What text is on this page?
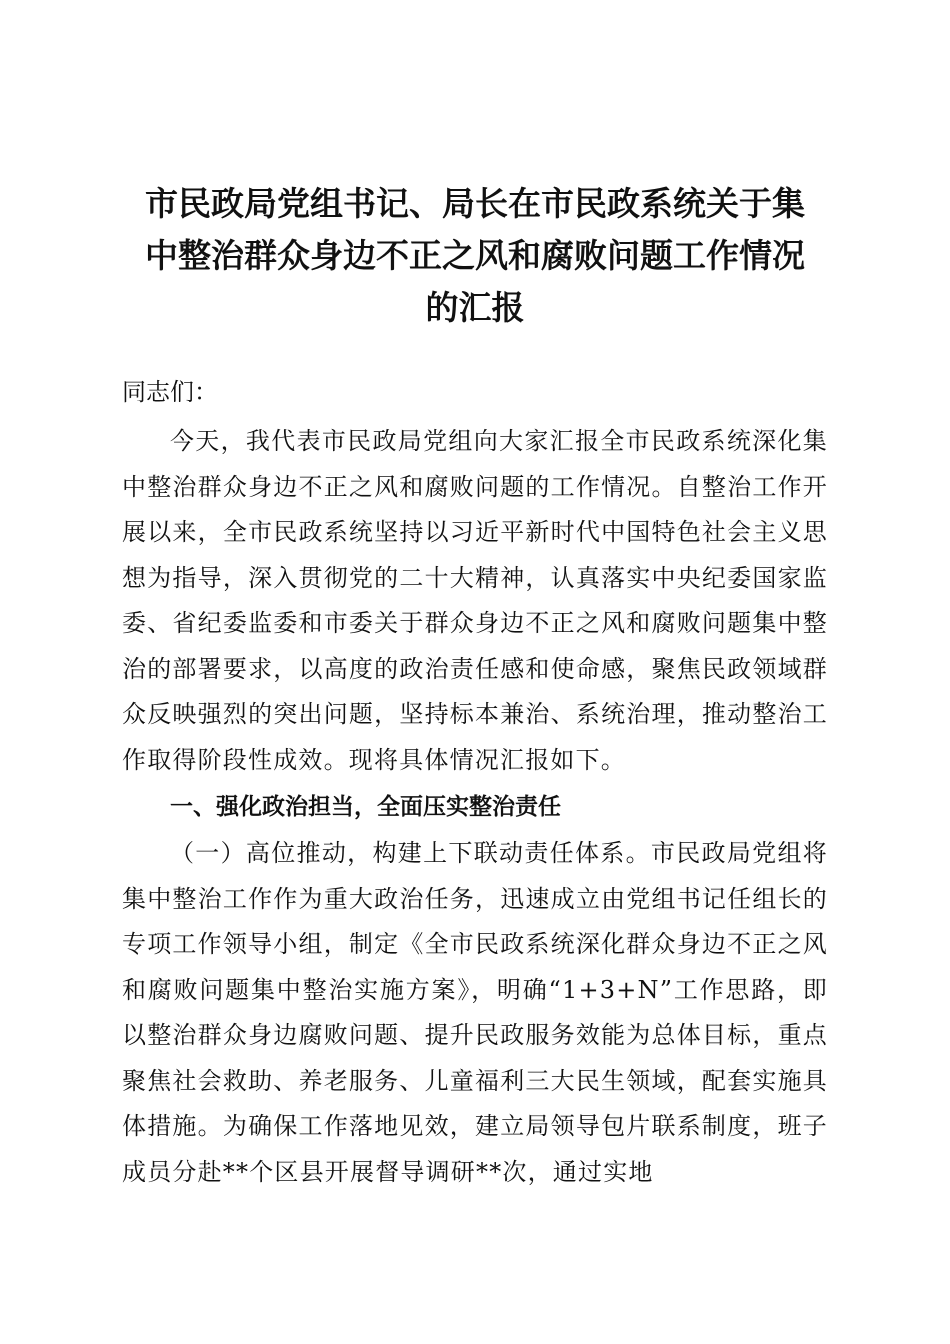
市民政局党组书记、局长在市民政系统关于集
中整治群众身边不正之风和腐败问题工作情况
的汇报

同志们：

今天，我代表市民政局党组向大家汇报全市民政系统深化集中整治群众身边不正之风和腐败问题的工作情况。自整治工作开展以来，全市民政系统坚持以习近平新时代中国特色社会主义思想为指导，深入贯彻党的二十大精神，认真落实中央纪委国家监委、省纪委监委和市委关于群众身边不正之风和腐败问题集中整治的部署要求，以高度的政治责任感和使命感，聚焦民政领域群众反映强烈的突出问题，坚持标本兼治、系统治理，推动整治工作取得阶段性成效。现将具体情况汇报如下。

一、强化政治担当，全面压实整治责任

（一）高位推动，构建上下联动责任体系。市民政局党组将集中整治工作作为重大政治任务，迅速成立由党组书记任组长的专项工作领导小组，制定《全市民政系统深化群众身边不正之风和腐败问题集中整治实施方案》，明确“1+3+N”工作思路，即以整治群众身边腐败问题、提升民政服务效能为总体目标，重点聚焦社会救助、养老服务、儿童福利三大民生领域，配套实施具体措施。为确保工作落地见效，建立局领导包片联系制度，班子成员分赴**个区县开展督导调研**次，通过实地
